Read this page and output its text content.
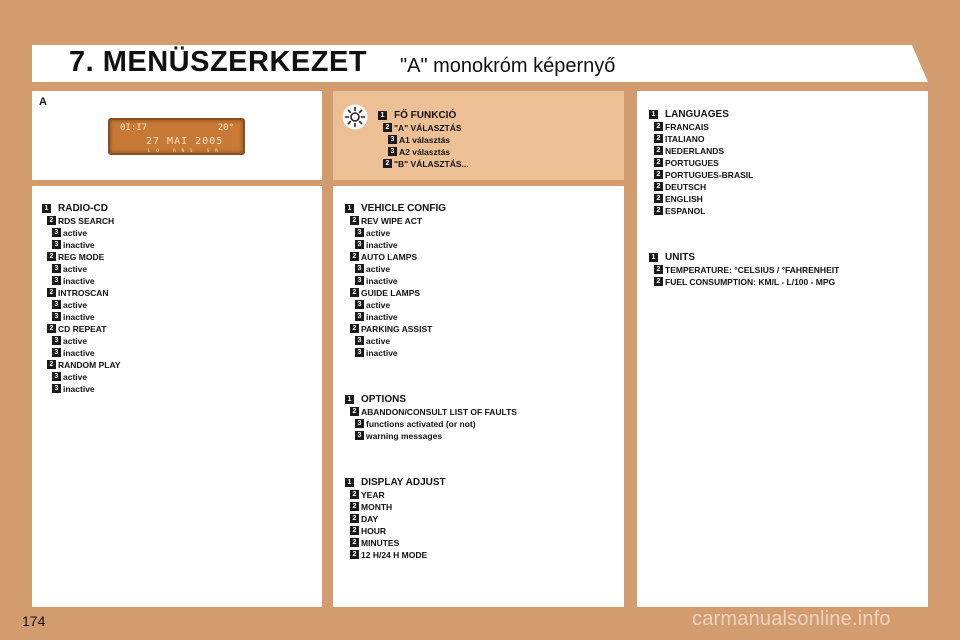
7. MENÜSZERKEZET "A" monokróm képernyő
A
0I:I7	20°
27 MAI 2005
LO RNS SR
1 FŐ FUNKCIÓ
2 "A" VÁLASZTÁS
3 A1 választás
3 A2 választás
2 "B" VÁLASZTÁS...
1 RADIO-CD
2 RDS SEARCH
3 active
3 inactive
2 REG MODE
3 active
3 inactive
2 INTROSCAN
3 active
3 inactive
2 CD REPEAT
3 active
3 inactive
2 RANDOM PLAY
3 active
3 inactive
1 VEHICLE CONFIG
2 REV WIPE ACT
3 active
3 inactive
2 AUTO LAMPS
3 active
3 inactive
2 GUIDE LAMPS
3 active
3 inactive
2 PARKING ASSIST
3 active
3 inactive
1 OPTIONS
2 ABANDON/CONSULT LIST OF FAULTS
3 functions activated (or not)
3 warning messages
1 DISPLAY ADJUST
2 YEAR
2 MONTH
2 DAY
2 HOUR
2 MINUTES
2 12 H/24 H MODE
1 LANGUAGES
2 FRANCAIS
2 ITALIANO
2 NEDERLANDS
2 PORTUGUES
2 PORTUGUES-BRASIL
2 DEUTSCH
2 ENGLISH
2 ESPANOL
1 UNITS
2 TEMPERATURE: °CELSIUS / °FAHRENHEIT
2 FUEL CONSUMPTION: KM/L - L/100 - MPG
174	carmanualsonline.info
